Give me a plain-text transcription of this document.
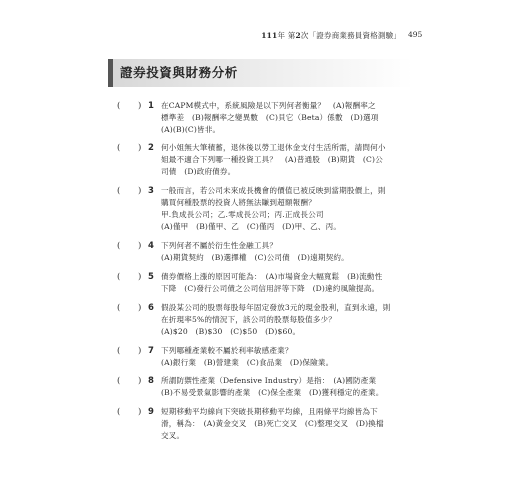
111年 第2次「證券商業務員資格測驗」 495
證券投資與財務分析
( ) 1 在CAPM模式中，系統風險是以下列何者衡量？　(A)報酬率之
標準差　(B)報酬率之變異數　(C)貝它（Beta）係數　(D)選項
(A)(B)(C)皆非。
( ) 2 何小姐無大筆積蓄，退休後以勞工退休金支付生活所需，請問何小
姐最不適合下列哪一種投資工具？　(A)普通股　(B)期貨　(C)公
司債　(D)政府債券。
( ) 3 一般而言，若公司未來成長機會的價值已被反映到當期股價上，則
購買何種股票的投資人將無法賺到超額報酬？
甲.負成長公司；乙.零成長公司；丙.正成長公司
(A)僅甲　(B)僅甲、乙　(C)僅丙　(D)甲、乙、丙。
( ) 4 下列何者不屬於衍生性金融工具？
(A)期貨契約　(B)選擇權　(C)公司債　(D)遠期契約。
( ) 5 債券價格上漲的原因可能為：　(A)市場資金大幅寬鬆　(B)流動性
下降　(C)發行公司債之公司信用評等下降　(D)違約風險提高。
( ) 6 假設某公司的股票每股每年固定發放3元的現金股利，直到永遠，則
在折現率5%的情況下，該公司的股票每股值多少？
(A)$20　(B)$30　(C)$50　(D)$60。
( ) 7 下列哪種產業較不屬於利率敏感產業？
(A)銀行業　(B)營建業　(C)食品業　(D)保險業。
( ) 8 所謂防禦性產業（Defensive Industry）是指：　(A)國防產業
(B)不易受景氣影響的產業　(C)保全產業　(D)獲利穩定的產業。
( ) 9 短期移動平均線向下突破長期移動平均線，且兩條平均線皆為下
滑，稱為：　(A)黃金交叉　(B)死亡交叉　(C)整理交叉　(D)換檔
交叉。
